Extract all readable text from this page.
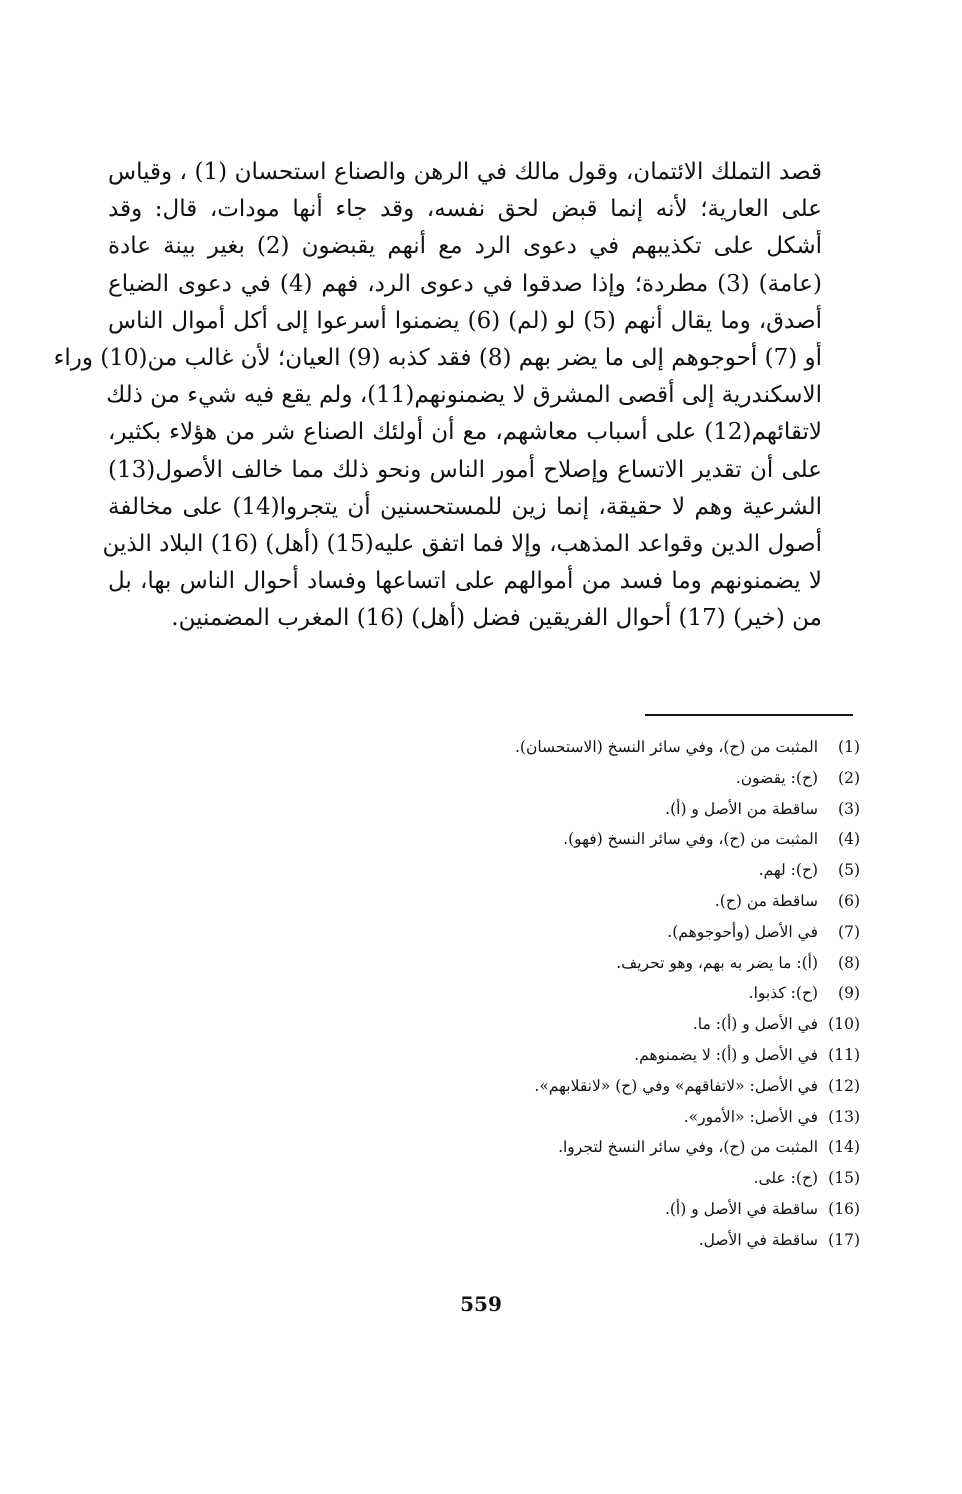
قصد التملك الائتمان، وقول مالك في الرهن والصناع استحسان (1) ، وقياس
على العارية؛ لأنه إنما قبض لحق نفسه، وقد جاء أنها مودات، قال: وقد
أشكل على تكذيبهم في دعوى الرد مع أنهم يقبضون (2) بغير بينة عادة
(عامة) (3) مطردة؛ وإذا صدقوا في دعوى الرد، فهم (4) في دعوى الضياع
أصدق، وما يقال أنهم (5) لو (لم) (6) يضمنوا أسرعوا إلى أكل أموال الناس
أو (7) أحوجوهم إلى ما يضر بهم (8) فقد كذبه (9) العيان؛ لأن غالب من(10) وراء
الاسكندرية إلى أقصى المشرق لا يضمنونهم(11)، ولم يقع فيه شيء من ذلك
لاتقائهم(12) على أسباب معاشهم، مع أن أولئك الصناع شر من هؤلاء بكثير،
على أن تقدير الاتساع وإصلاح أمور الناس ونحو ذلك مما خالف الأصول(13)
الشرعية وهم لا حقيقة، إنما زين للمستحسنين أن يتجروا(14) على مخالفة
أصول الدين وقواعد المذهب، وإلا فما اتفق عليه(15) (أهل) (16) البلاد الذين
لا يضمنونهم وما فسد من أموالهم على اتساعها وفساد أحوال الناس بها، بل
من (خير) (17) أحوال الفريقين فضل (أهل) (16) المغرب المضمنين.
(1)المثبت من (ح)، وفي سائر النسخ (الاستحسان).
(2)(ح): يقضون.
(3)ساقطة من الأصل و (أ).
(4)المثبت من (ح)، وفي سائر النسخ (فهو).
(5)(ح): لهم.
(6)ساقطة من (ح).
(7)في الأصل (وأحوجوهم).
(8)(أ): ما يضر به بهم، وهو تحريف.
(9)(ح): كذبوا.
(10)في الأصل و (أ): ما.
(11)في الأصل و (أ): لا يضمنوهم.
(12)في الأصل: «لاتفاقهم» وفي (ح) «لانقلابهم».
(13)في الأصل: «الأمور».
(14)المثبت من (ح)، وفي سائر النسخ لتجروا.
(15)(ح): على.
(16)ساقطة في الأصل و (أ).
(17)ساقطة في الأصل.
559
